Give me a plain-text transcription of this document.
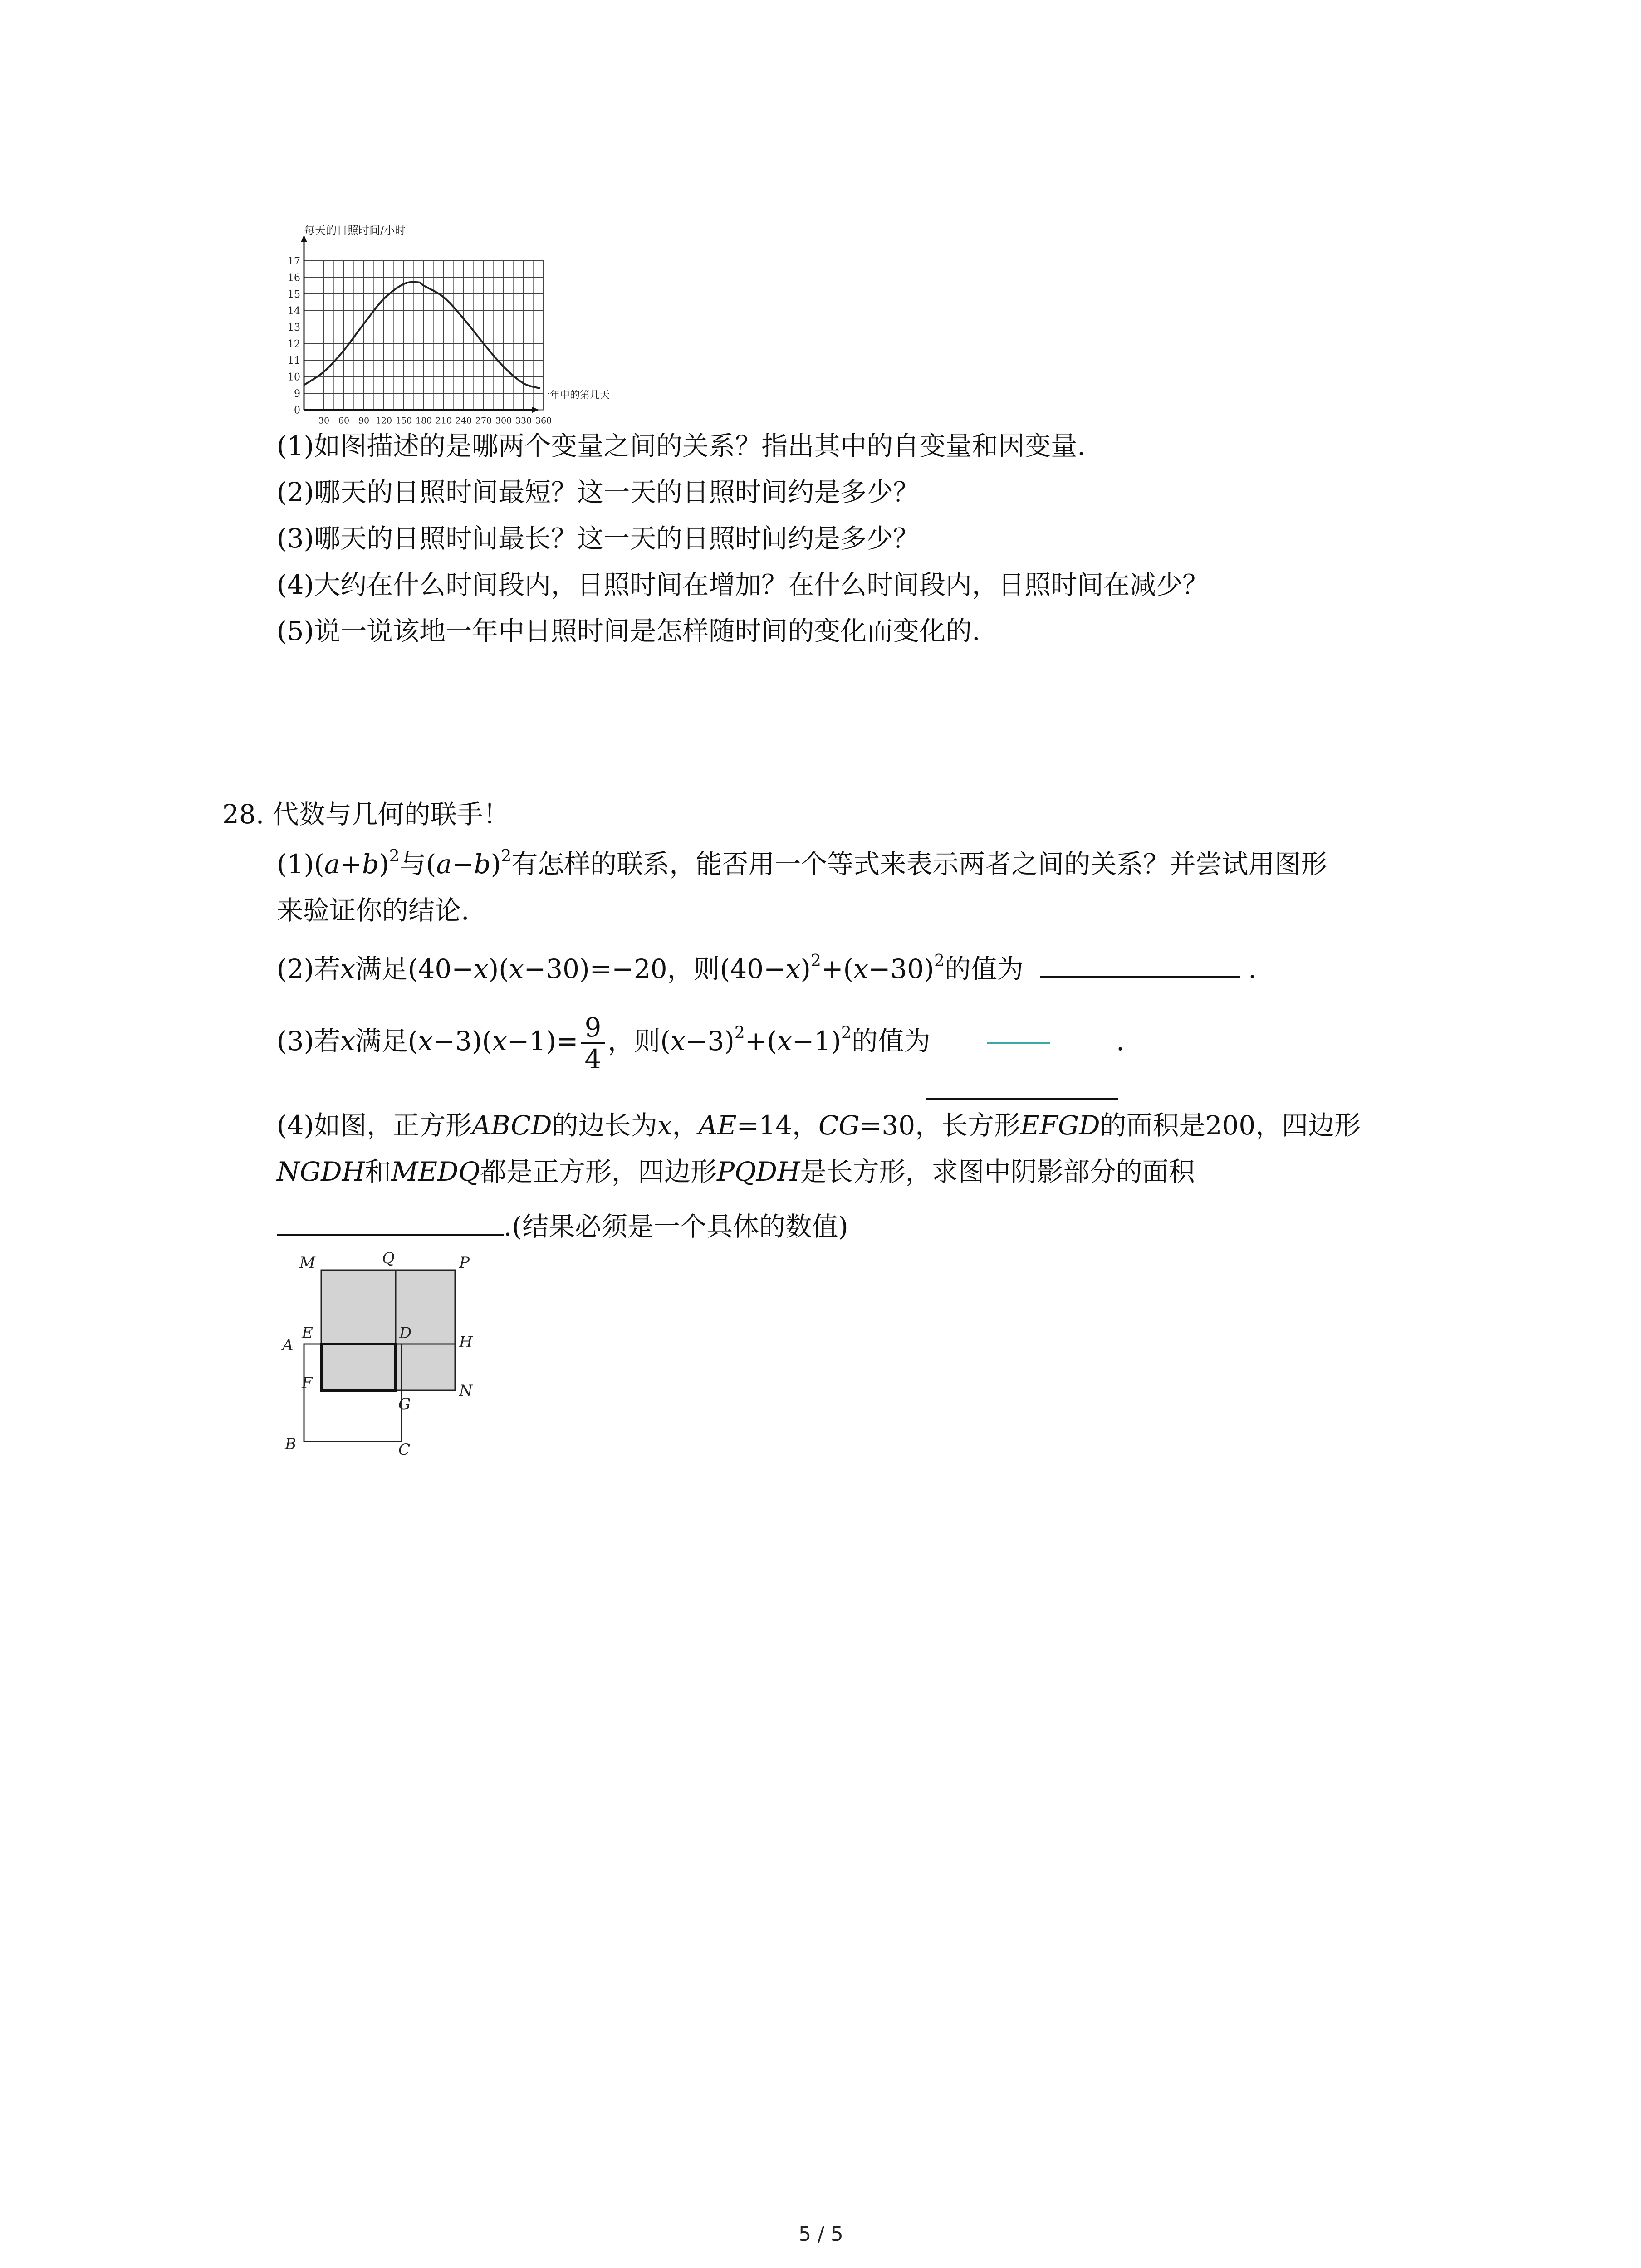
0
9
10
11
12
13
14
15
16
17
30 60 90 120 150 180 210 240 270 300 330 360
每天的日照时间/小时
一年中的第几天
(1)如图描述的是哪两个变量之间的关系？指出其中的自变量和因变量.
(2)哪天的日照时间最短？这一天的日照时间约是多少？
(3)哪天的日照时间最长？这一天的日照时间约是多少？
(4)大约在什么时间段内，日照时间在增加？在什么时间段内，日照时间在减少？
(5)说一说该地一年中日照时间是怎样随时间的变化而变化的.
28. 代数与几何的联手！
$(1)(a+b)^2$与$(a-b)^2$有怎样的联系，能否用一个等式来表示两者之间的关系？并尝试用图形
来验证你的结论.
(2)若x满足(40−x)(x−30)=−20，则$(40-x)^2+(x-30)^2$的值为	.
(3)若x满足$(x-3)(x-1)= \frac{9}{4}$ ，则$(x-3)^2+(x-1)^2$的值为	.
(4)如图，正方形ABCD的边长为x，AE=14，CG=30，长方形EFGD的面积是200，四边形
NGDH和MEDQ都是正方形，四边形PQDH是长方形，求图中阴影部分的面积
.(结果必须是一个具体的数值)
M	Q	P
E	D	H
A
F	N
G
B	C
5 / 5
